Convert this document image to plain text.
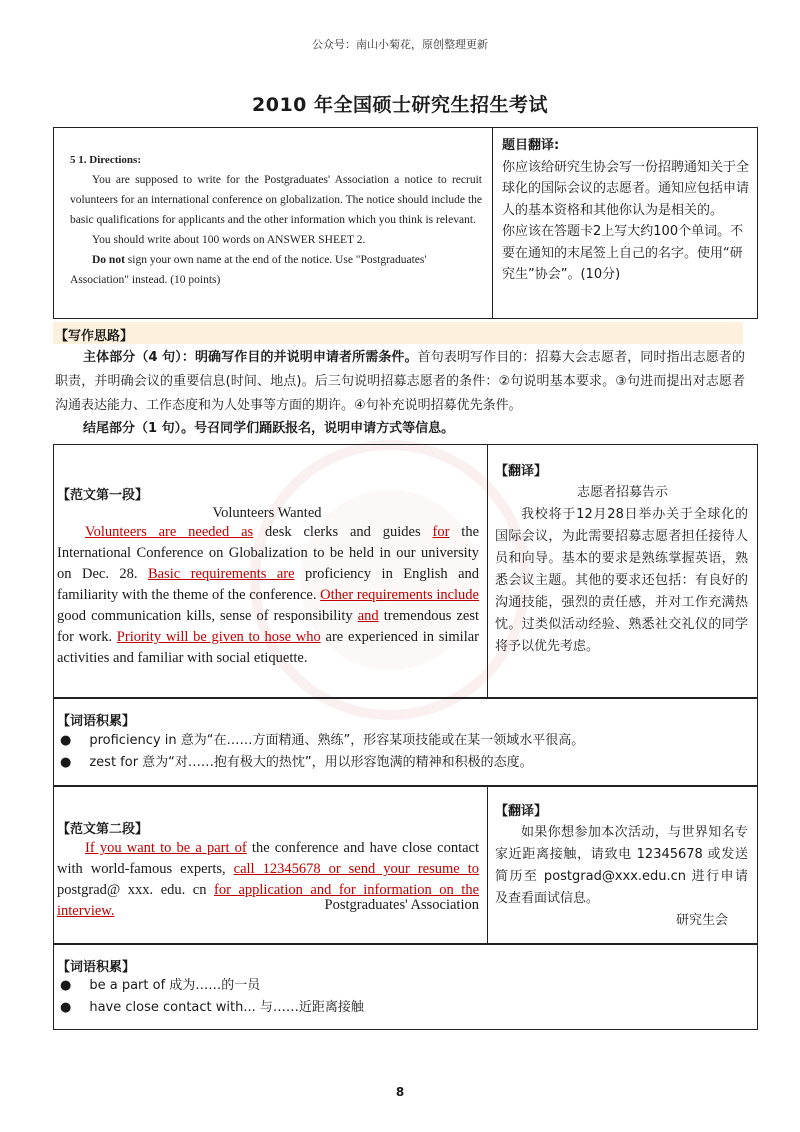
公众号：南山小菊花，原创整理更新
2010 年全国硕士研究生招生考试
5 1. Directions:
You are supposed to write for the Postgraduates' Association a notice to recruit volunteers for an international conference on globalization. The notice should include the basic qualifications for applicants and the other information which you think is relevant.
You should write about 100 words on ANSWER SHEET 2.
Do not sign your own name at the end of the notice. Use "Postgraduates' Association" instead. (10 points)
题目翻译:
你应该给研究生协会写一份招聘通知关于全球化的国际会议的志愿者。通知应包括申请人的基本资格和其他你认为是相关的。
你应该在答题卡2上写大约100个单词。不要在通知的末尾签上自己的名字。使用“研究生”协会”。(10分)
【写作思路】
主体部分（4 句）：明确写作目的并说明申请者所需条件。首句表明写作目的：招募大会志愿者，同时指出志愿者的职责，并明确会议的重要信息(时间、地点)。后三句说明招募志愿者的条件：②句说明基本要求。③句进而提出对志愿者沟通表达能力、工作态度和为人处事等方面的期许。④句补充说明招募优先条件。
结尾部分（1 句）。号召同学们踊跃报名，说明申请方式等信息。
【范文第一段】
Volunteers Wanted
Volunteers are needed as desk clerks and guides for the International Conference on Globalization to be held in our university on Dec. 28. Basic requirements are proficiency in English and familiarity with the theme of the conference. Other requirements include good communication kills, sense of responsibility and tremendous zest for work. Priority will be given to hose who are experienced in similar activities and familiar with social etiquette.
【翻译】
志愿者招募告示
我校将于12月28日举办关于全球化的国际会议，为此需要招募志愿者担任接待人员和向导。基本的要求是熟练掌握英语，熟悉会议主题。其他的要求还包括：有良好的沟通技能，强烈的责任感，并对工作充满热忱。过类似活动经验、熟悉社交礼仪的同学将予以优先考虑。
【词语积累】
● proficiency in 意为“在……方面精通、熟练”，形容某项技能或在某一领域水平很高。
● zest for 意为“对……抱有极大的热忱”，用以形容饱满的精神和积极的态度。
【范文第二段】
If you want to be a part of the conference and have close contact with world-famous experts, call 12345678 or send your resume to postgrad@ xxx. edu. cn for application and for information on the interview.	Postgraduates' Association
【翻译】
如果你想参加本次活动，与世界知名专家近距离接触，请致电 12345678 或发送简历至 postgrad@xxx.edu.cn 进行申请及查看面试信息。
研究生会
【词语积累】
● be a part of 成为……的一员
● have close contact with... 与……近距离接触
8
